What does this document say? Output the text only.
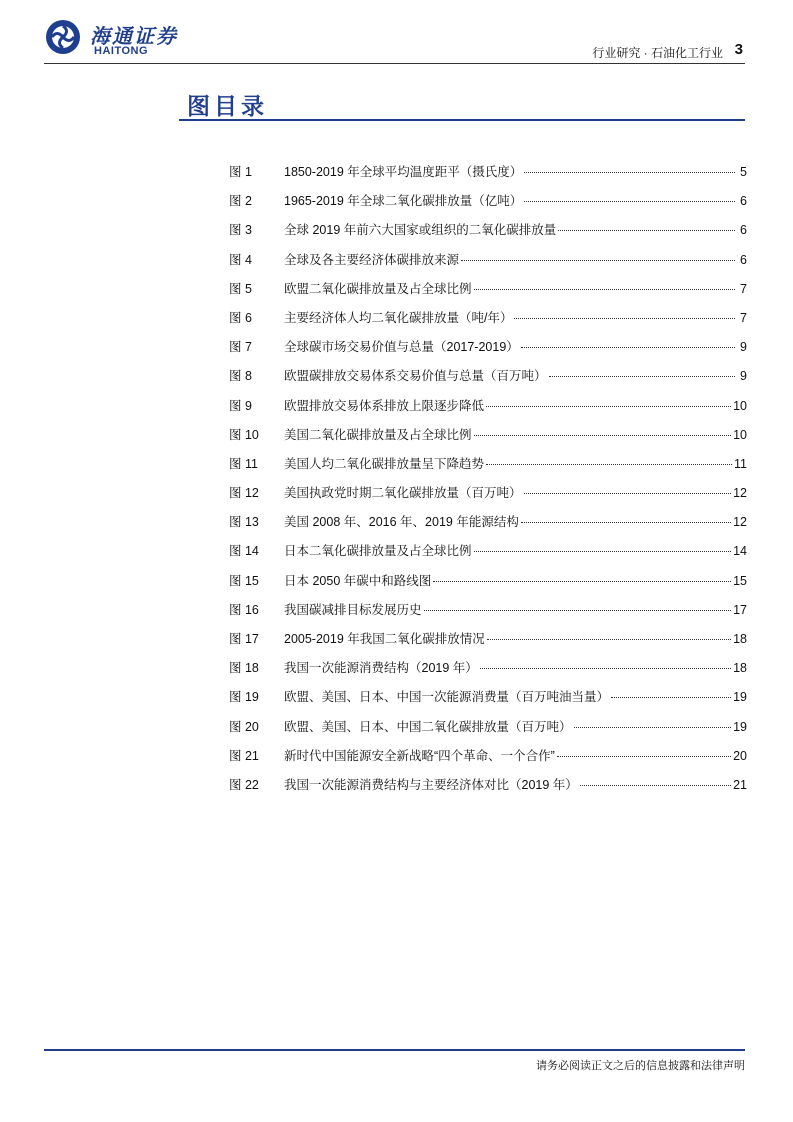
海通证券
HAITONG	行业研究 · 石油化工行业 3
图目录
图 1	1850-2019 年全球平均温度距平（摄氏度）	5
图 2	1965-2019 年全球二氧化碳排放量（亿吨）	6
图 3	全球 2019 年前六大国家或组织的二氧化碳排放量	6
图 4	全球及各主要经济体碳排放来源	6
图 5	欧盟二氧化碳排放量及占全球比例	7
图 6	主要经济体人均二氧化碳排放量（吨/年）	7
图 7	全球碳市场交易价值与总量（2017-2019）	9
图 8	欧盟碳排放交易体系交易价值与总量（百万吨）	9
图 9	欧盟排放交易体系排放上限逐步降低	10
图 10	美国二氧化碳排放量及占全球比例	10
图 11	美国人均二氧化碳排放量呈下降趋势	11
图 12	美国执政党时期二氧化碳排放量（百万吨）	12
图 13	美国 2008 年、2016 年、2019 年能源结构	12
图 14	日本二氧化碳排放量及占全球比例	14
图 15	日本 2050 年碳中和路线图	15
图 16	我国碳减排目标发展历史	17
图 17	2005-2019 年我国二氧化碳排放情况	18
图 18	我国一次能源消费结构（2019 年）	18
图 19	欧盟、美国、日本、中国一次能源消费量（百万吨油当量）	19
图 20	欧盟、美国、日本、中国二氧化碳排放量（百万吨）	19
图 21	新时代中国能源安全新战略“四个革命、一个合作”	20
图 22	我国一次能源消费结构与主要经济体对比（2019 年）	21
请务必阅读正文之后的信息披露和法律声明
